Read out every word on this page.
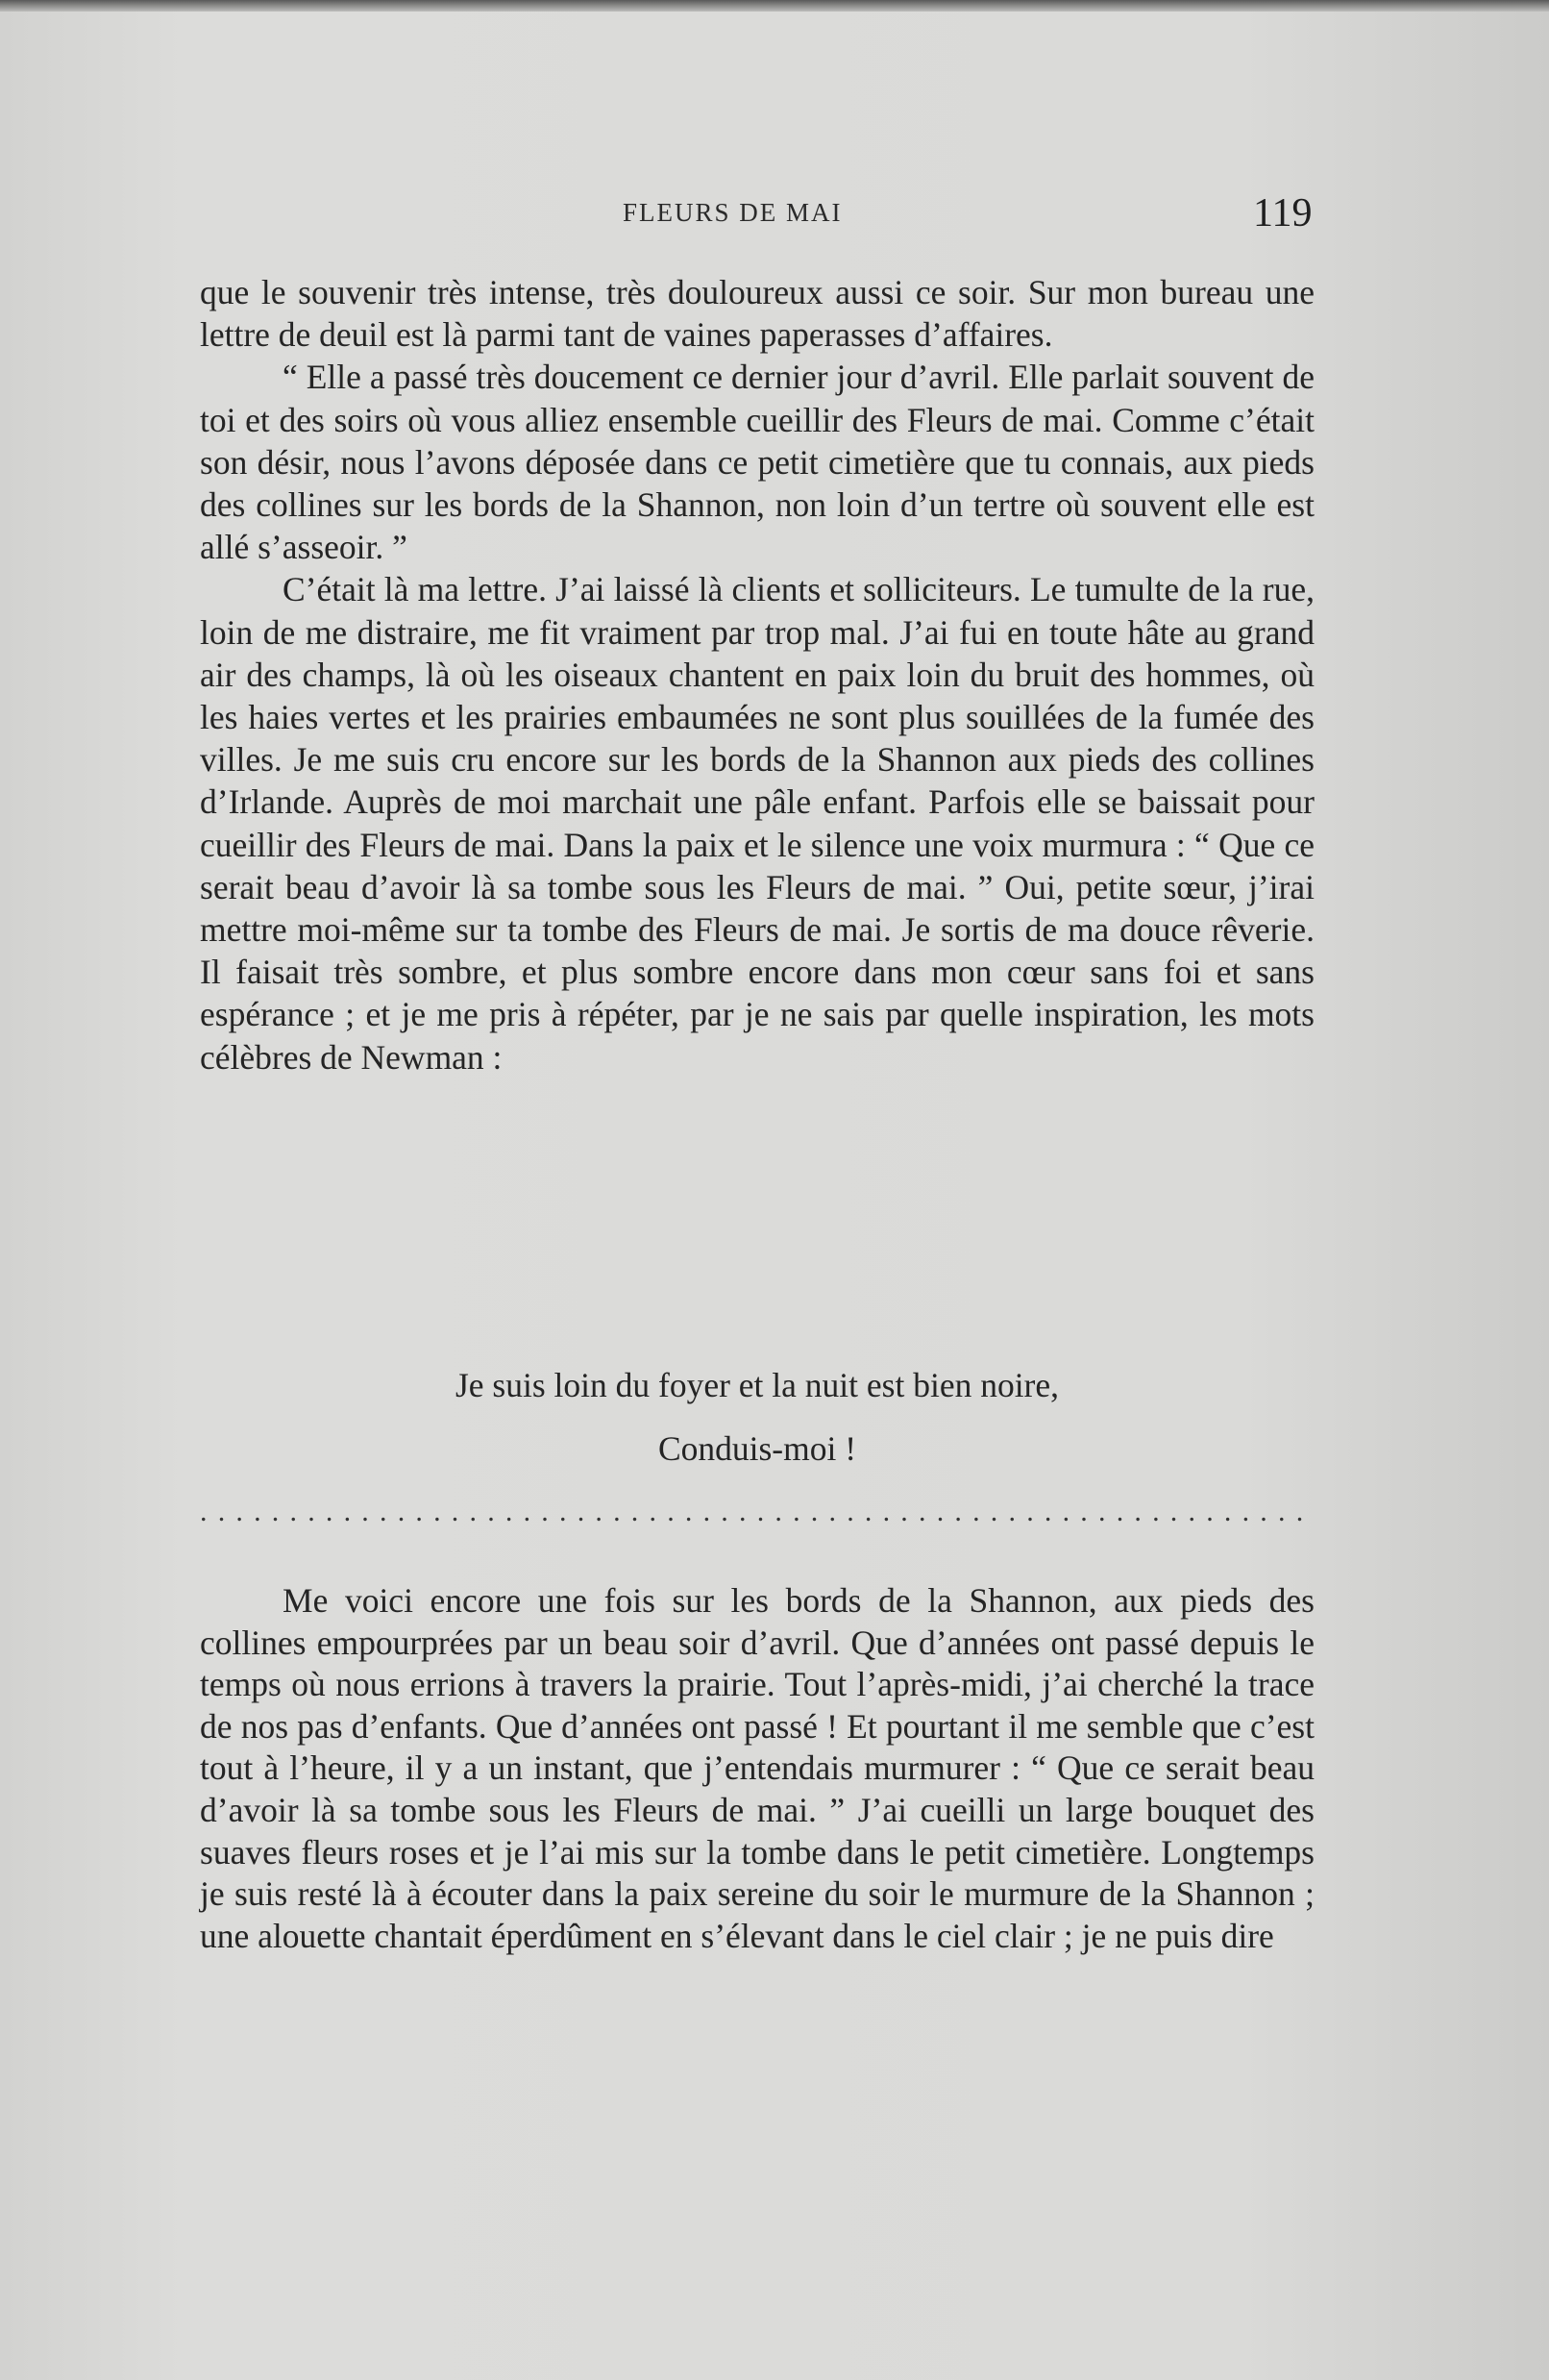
FLEURS DE MAI	119

que le souvenir très intense, très douloureux aussi ce soir. Sur mon bureau une lettre de deuil est là parmi tant de vaines paperasses d’affaires.

“ Elle a passé très doucement ce dernier jour d’avril. Elle parlait souvent de toi et des soirs où vous alliez ensemble cueillir des Fleurs de mai. Comme c’était son désir, nous l’avons déposée dans ce petit cimetière que tu connais, aux pieds des collines sur les bords de la Shannon, non loin d’un tertre où souvent elle est allé s’asseoir. ”

C’était là ma lettre. J’ai laissé là clients et solliciteurs. Le tumulte de la rue, loin de me distraire, me fit vraiment par trop mal. J’ai fui en toute hâte au grand air des champs, là où les oiseaux chantent en paix loin du bruit des hommes, où les haies vertes et les prairies embaumées ne sont plus souillées de la fumée des villes. Je me suis cru encore sur les bords de la Shannon aux pieds des collines d’Irlande. Auprès de moi marchait une pâle enfant. Parfois elle se baissait pour cueillir des Fleurs de mai. Dans la paix et le silence une voix murmura : “ Que ce serait beau d’avoir là sa tombe sous les Fleurs de mai. ” Oui, petite sœur, j’irai mettre moi-même sur ta tombe des Fleurs de mai. Je sortis de ma douce rêverie. Il faisait très sombre, et plus sombre encore dans mon cœur sans foi et sans espérance ; et je me pris à répéter, par je ne sais par quelle inspiration, les mots célèbres de Newman :

Je suis loin du foyer et la nuit est bien noire,
Conduis-moi !
..............................................................

Me voici encore une fois sur les bords de la Shannon, aux pieds des collines empourprées par un beau soir d’avril. Que d’années ont passé depuis le temps où nous errions à travers la prairie. Tout l’après-midi, j’ai cherché la trace de nos pas d’enfants. Que d’années ont passé ! Et pourtant il me semble que c’est tout à l’heure, il y a un instant, que j’entendais murmurer : “ Que ce serait beau d’avoir là sa tombe sous les Fleurs de mai. ” J’ai cueilli un large bouquet des suaves fleurs roses et je l’ai mis sur la tombe dans le petit cimetière. Longtemps je suis resté là à écouter dans la paix sereine du soir le murmure de la Shannon ; une alouette chantait éperdûment en s’élevant dans le ciel clair ; je ne puis dire
